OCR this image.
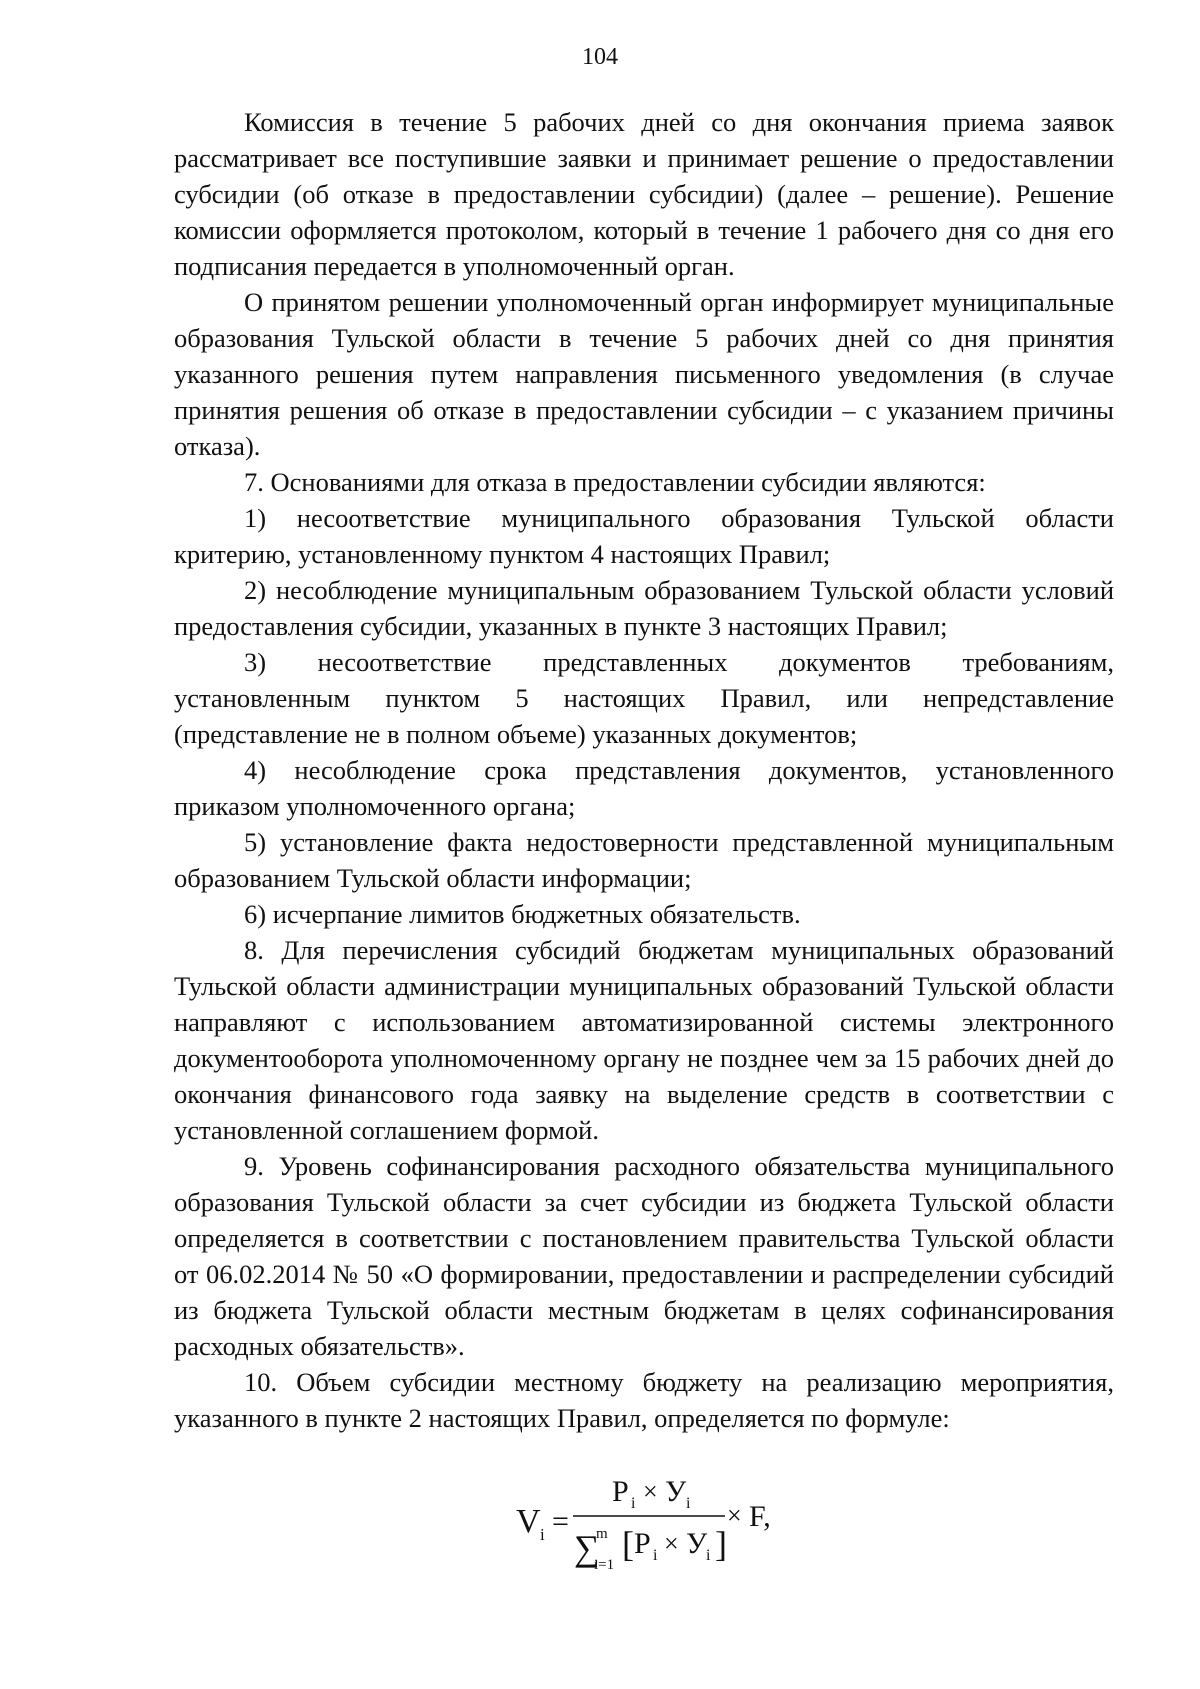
104

Комиссия в течение 5 рабочих дней со дня окончания приема заявок рассматривает все поступившие заявки и принимает решение о предоставлении субсидии (об отказе в предоставлении субсидии) (далее – решение). Решение комиссии оформляется протоколом, который в течение 1 рабочего дня со дня его подписания передается в уполномоченный орган.

О принятом решении уполномоченный орган информирует муниципальные образования Тульской области в течение 5 рабочих дней со дня принятия указанного решения путем направления письменного уведомления (в случае принятия решения об отказе в предоставлении субсидии – с указанием причины отказа).

7. Основаниями для отказа в предоставлении субсидии являются:

1) несоответствие муниципального образования Тульской области критерию, установленному пунктом 4 настоящих Правил;

2) несоблюдение муниципальным образованием Тульской области условий предоставления субсидии, указанных в пункте 3 настоящих Правил;

3) несоответствие представленных документов требованиям, установленным пунктом 5 настоящих Правил, или непредставление (представление не в полном объеме) указанных документов;

4) несоблюдение срока представления документов, установленного приказом уполномоченного органа;

5) установление факта недостоверности представленной муниципальным образованием Тульской области информации;

6) исчерпание лимитов бюджетных обязательств.

8. Для перечисления субсидий бюджетам муниципальных образований Тульской области администрации муниципальных образований Тульской области направляют с использованием автоматизированной системы электронного документооборота уполномоченному органу не позднее чем за 15 рабочих дней до окончания финансового года заявку на выделение средств в соответствии с установленной соглашением формой.

9. Уровень софинансирования расходного обязательства муниципального образования Тульской области за счет субсидии из бюджета Тульской области определяется в соответствии с постановлением правительства Тульской области от 06.02.2014 № 50 «О формировании, предоставлении и распределении субсидий из бюджета Тульской области местным бюджетам в целях софинансирования расходных обязательств».

10. Объем субсидии местному бюджету на реализацию мероприятия, указанного в пункте 2 настоящих Правил, определяется по формуле:

V i =
P i × У i
∑
m
i=1
[ P i × У
i ]
× F,
